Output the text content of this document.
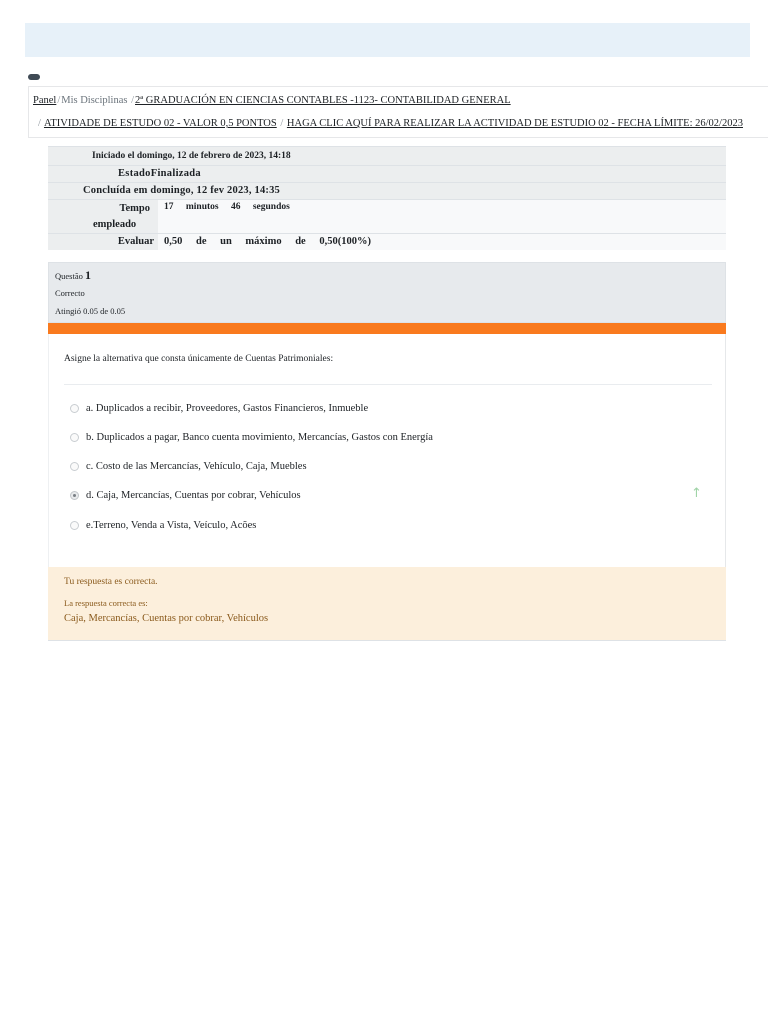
Panel/Mis Disciplinas /2ª GRADUACIÓN EN CIENCIAS CONTABLES -1123- CONTABILIDAD GENERAL
/ ATIVIDADE DE ESTUDO 02 - VALOR 0,5 PONTOS / HAGA CLIC AQUÍ PARA REALIZAR LA ACTIVIDAD DE ESTUDIO 02 - FECHA LÍMITE: 26/02/2023
Iniciado el domingo, 12 de febrero de 2023, 14:18
EstadoFinalizada
Concluída em domingo, 12 fev 2023, 14:35
Tempo
empleado
17 minutos 46 segundos
Evaluar 0,50 de un máximo de 0,50(100%)
Questão 1
Correcto
Atingió 0.05 de 0.05
Asigne la alternativa que consta únicamente de Cuentas Patrimoniales:
a. Duplicados a recibir, Proveedores, Gastos Financieros, Inmueble
b. Duplicados a pagar, Banco cuenta movimiento, Mercancías, Gastos con Energía
c. Costo de las Mercancías, Vehículo, Caja, Muebles
d. Caja, Mercancías, Cuentas por cobrar, Vehículos
e.Terreno, Venda a Vista, Veículo, Acões
↑
Tu respuesta es correcta.
La respuesta correcta es:
Caja, Mercancías, Cuentas por cobrar, Vehículos
